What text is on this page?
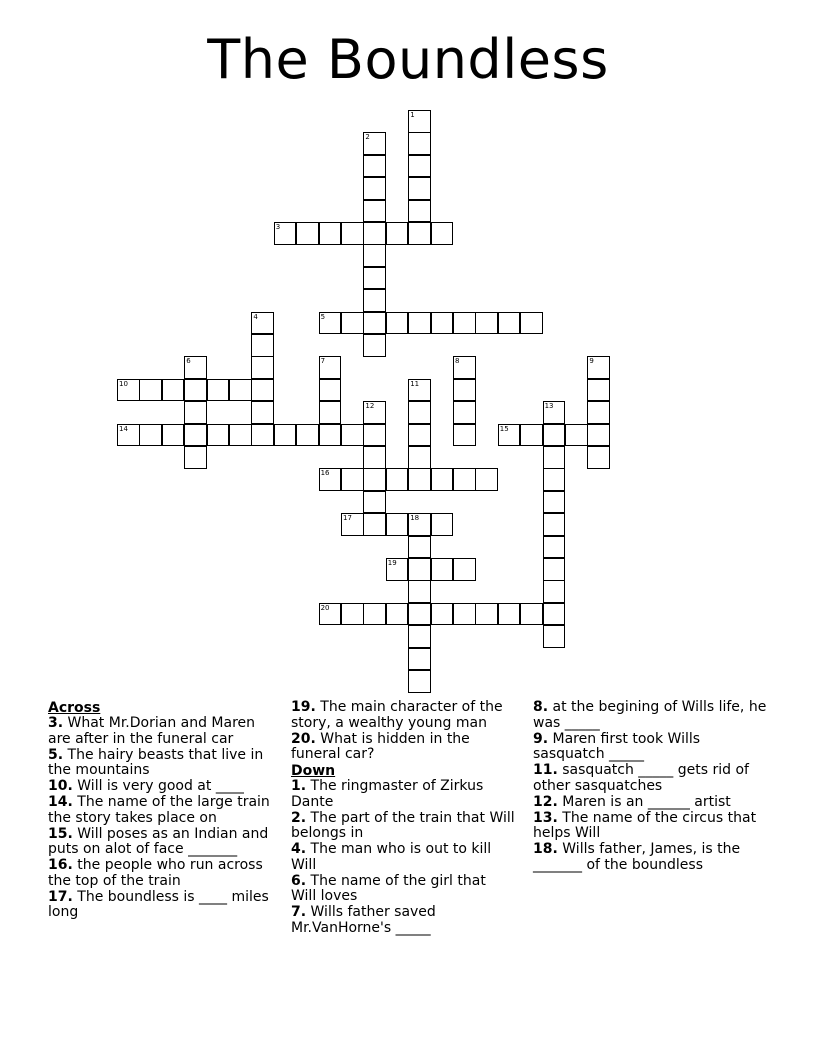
The Boundless
1
2
3
4	5
6	7	8	9
10	11
12	13
14	15
16
17	18
19
20
Across
3. What Mr.Dorian and Maren are after in the funeral car
5. The hairy beasts that live in the mountains
10. Will is very good at ____
14. The name of the large train the story takes place on
15. Will poses as an Indian and puts on alot of face _______
16. the people who run across the top of the train
17. The boundless is ____ miles long
19. The main character of the story, a wealthy young man
20. What is hidden in the funeral car?
Down
1. The ringmaster of Zirkus Dante
2. The part of the train that Will belongs in
4. The man who is out to kill Will
6. The name of the girl that Will loves
7. Wills father saved Mr.VanHorne's _____
8. at the begining of Wills life, he was _____
9. Maren first took Wills sasquatch _____
11. sasquatch _____ gets rid of other sasquatches
12. Maren is an ______ artist
13. The name of the circus that helps Will
18. Wills father, James, is the _______ of the boundless
